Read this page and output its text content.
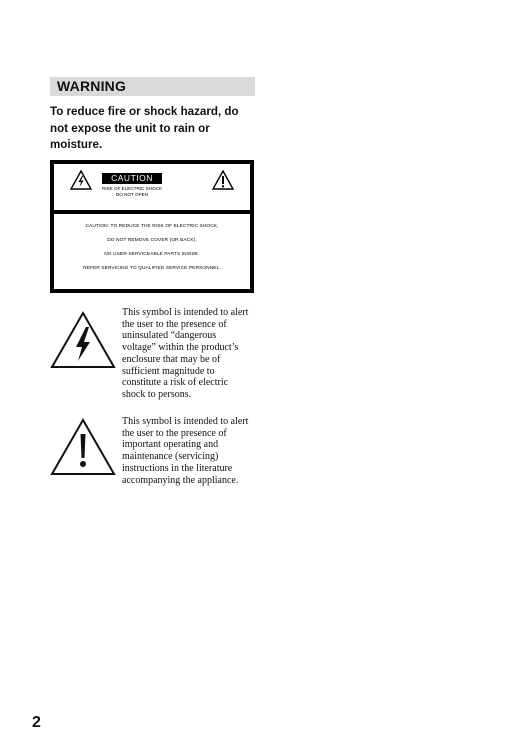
WARNING
To reduce fire or shock hazard, do
not expose the unit to rain or
moisture.
CAUTION
RISK OF ELECTRIC SHOCK
DO NOT OPEN
CAUTION: TO REDUCE THE RISK OF ELECTRIC SHOCK,
DO NOT REMOVE COVER (OR BACK).
NO USER-SERVICEABLE PARTS INSIDE.
REFER SERVICING TO QUALIFIED SERVICE PERSONNEL.
This symbol is intended to alert
the user to the presence of
uninsulated “dangerous
voltage” within the product’s
enclosure that may be of
sufficient magnitude to
constitute a risk of electric
shock to persons.
This symbol is intended to alert
the user to the presence of
important operating and
maintenance (servicing)
instructions in the literature
accompanying the appliance.
2
